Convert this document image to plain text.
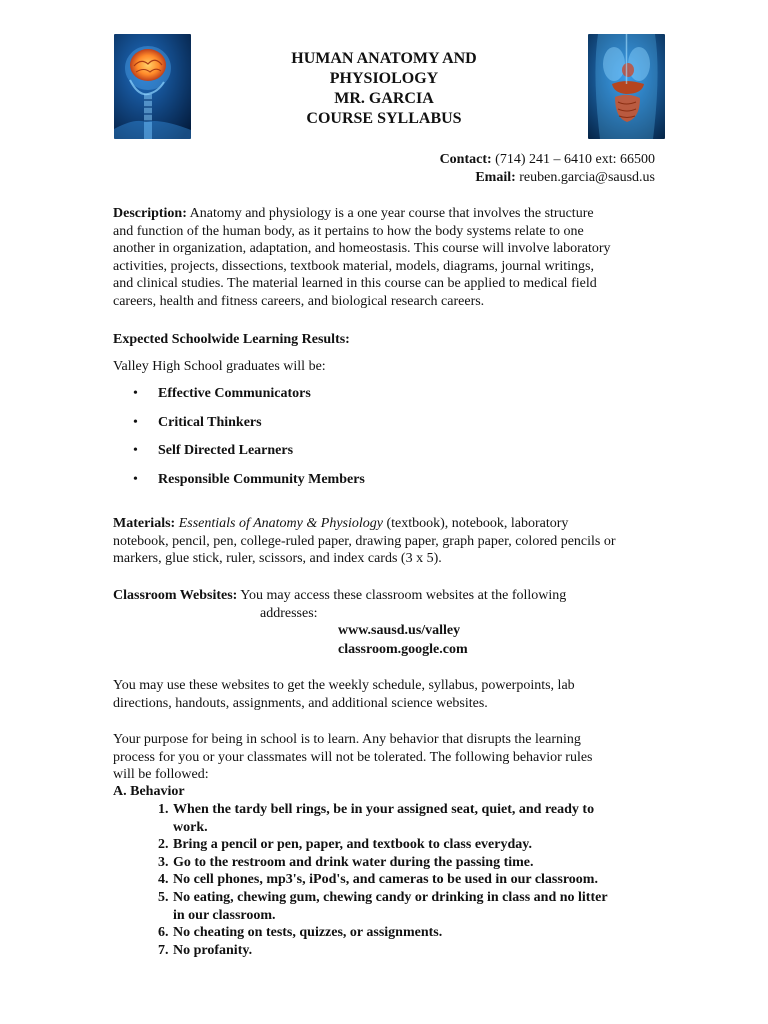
HUMAN ANATOMY AND
PHYSIOLOGY
MR. GARCIA
COURSE SYLLABUS
Contact: (714) 241 – 6410 ext: 66500
Email: reuben.garcia@sausd.us
Description: Anatomy and physiology is a one year course that involves the structure
and function of the human body, as it pertains to how the body systems relate to one
another in organization, adaptation, and homeostasis. This course will involve laboratory
activities, projects, dissections, textbook material, models, diagrams, journal writings,
and clinical studies. The material learned in this course can be applied to medical field
careers, health and fitness careers, and biological research careers.
Expected Schoolwide Learning Results:
Valley High School graduates will be:
• Effective Communicators
• Critical Thinkers
• Self Directed Learners
• Responsible Community Members
Materials: Essentials of Anatomy & Physiology (textbook), notebook, laboratory
notebook, pencil, pen, college-ruled paper, drawing paper, graph paper, colored pencils or
markers, glue stick, ruler, scissors, and index cards (3 x 5).
Classroom Websites: You may access these classroom websites at the following
addresses:
www.sausd.us/valley
classroom.google.com
You may use these websites to get the weekly schedule, syllabus, powerpoints, lab
directions, handouts, assignments, and additional science websites.
Your purpose for being in school is to learn. Any behavior that disrupts the learning
process for you or your classmates will not be tolerated. The following behavior rules
will be followed:
A. Behavior
1. When the tardy bell rings, be in your assigned seat, quiet, and ready to
work.
2. Bring a pencil or pen, paper, and textbook to class everyday.
3. Go to the restroom and drink water during the passing time.
4. No cell phones, mp3's, iPod's, and cameras to be used in our classroom.
5. No eating, chewing gum, chewing candy or drinking in class and no litter
in our classroom.
6. No cheating on tests, quizzes, or assignments.
7. No profanity.
